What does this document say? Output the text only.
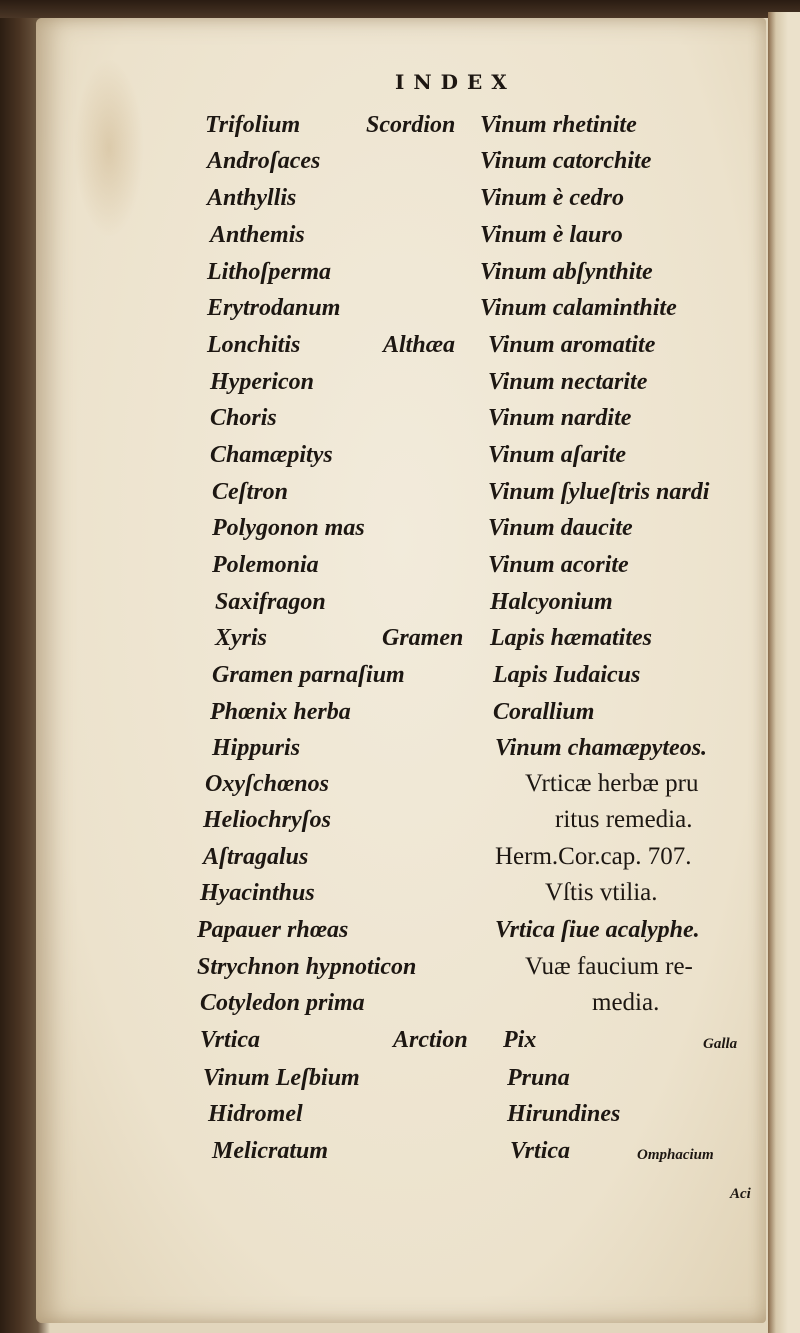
INDEX
Trifolium	Scordion Vinum rhetinite
Androſaces	Vinum catorchite
Anthyllis	Vinum è cedro
Anthemis	Vinum è lauro
Lithoſperma	Vinum abſynthite
Erytrodanum	Vinum calaminthite
Lonchitis	Althæa Vinum aromatite
Hypericon	Vinum nectarite
Choris	Vinum nardite
Chamæpitys	Vinum aſarite
Ceſtron	Vinum ſylueſtris nardi
Polygonon mas	Vinum daucite
Polemonia	Vinum acorite
Saxifragon	Halcyonium
Xyris	Gramen Lapis hæmatites
Gramen parnaſium	Lapis Iudaicus
Phœnix herba	Corallium
Hippuris	Vinum chamæpyteos.
Oxyſchœnos	Vrticæ herbæ pru
Heliochryſos	ritus remedia.
Aſtragalus	Herm.Cor.cap. 707.
Hyacinthus	Vſtis vtilia.
Papauer rhœas	Vrtica ſiue acalyphe.
Strychnon hypnoticon	Vuæ faucium re-
Cotyledon prima	media.
Vrtica	Arction Pix	Galla
Vinum Leſbium	Pruna
Hidromel	Hirundines
Melicratum	Vrtica	Omphacium
Aci
